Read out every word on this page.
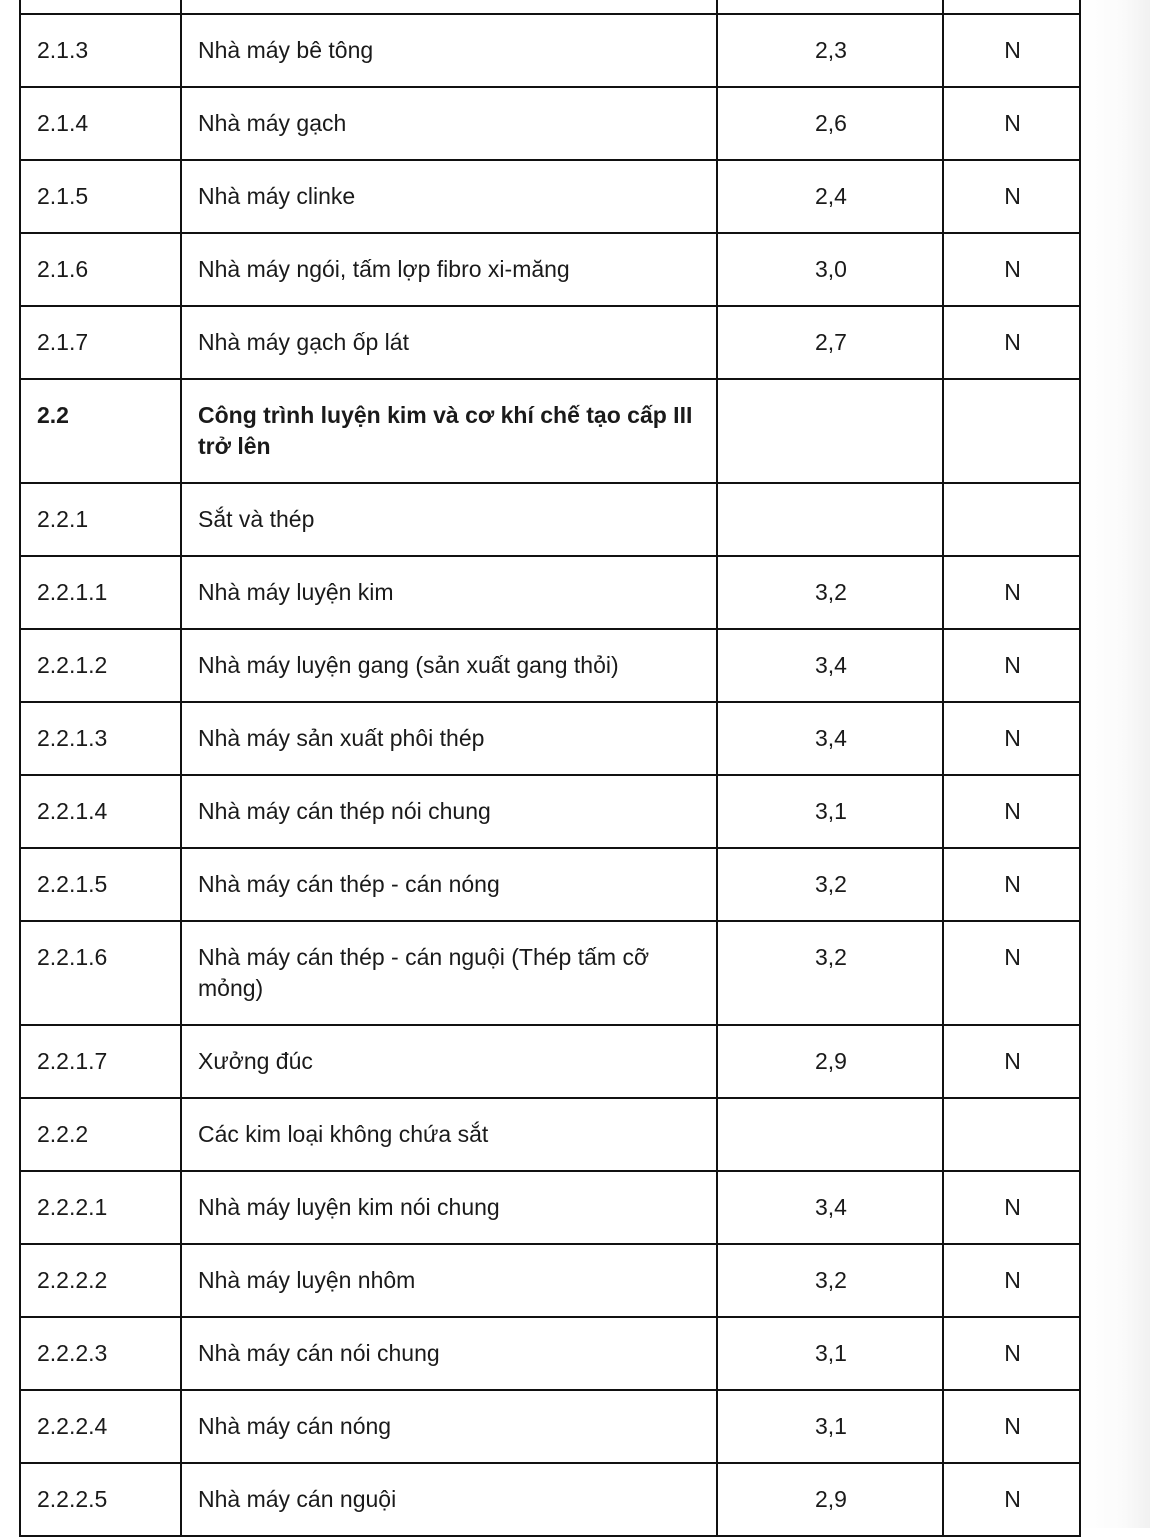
2.1.3	Nhà máy bê tông	2,3	N
2.1.4	Nhà máy gạch	2,6	N
2.1.5	Nhà máy clinke	2,4	N
2.1.6	Nhà máy ngói, tấm lợp fibro xi-măng	3,0	N
2.1.7	Nhà máy gạch ốp lát	2,7	N
2.2	Công trình luyện kim và cơ khí chế tạo cấp III trở lên		
2.2.1	Sắt và thép		
2.2.1.1	Nhà máy luyện kim	3,2	N
2.2.1.2	Nhà máy luyện gang (sản xuất gang thỏi)	3,4	N
2.2.1.3	Nhà máy sản xuất phôi thép	3,4	N
2.2.1.4	Nhà máy cán thép nói chung	3,1	N
2.2.1.5	Nhà máy cán thép - cán nóng	3,2	N
2.2.1.6	Nhà máy cán thép - cán nguội (Thép tấm cỡ mỏng)	3,2	N
2.2.1.7	Xưởng đúc	2,9	N
2.2.2	Các kim loại không chứa sắt		
2.2.2.1	Nhà máy luyện kim nói chung	3,4	N
2.2.2.2	Nhà máy luyện nhôm	3,2	N
2.2.2.3	Nhà máy cán nói chung	3,1	N
2.2.2.4	Nhà máy cán nóng	3,1	N
2.2.2.5	Nhà máy cán nguội	2,9	N
